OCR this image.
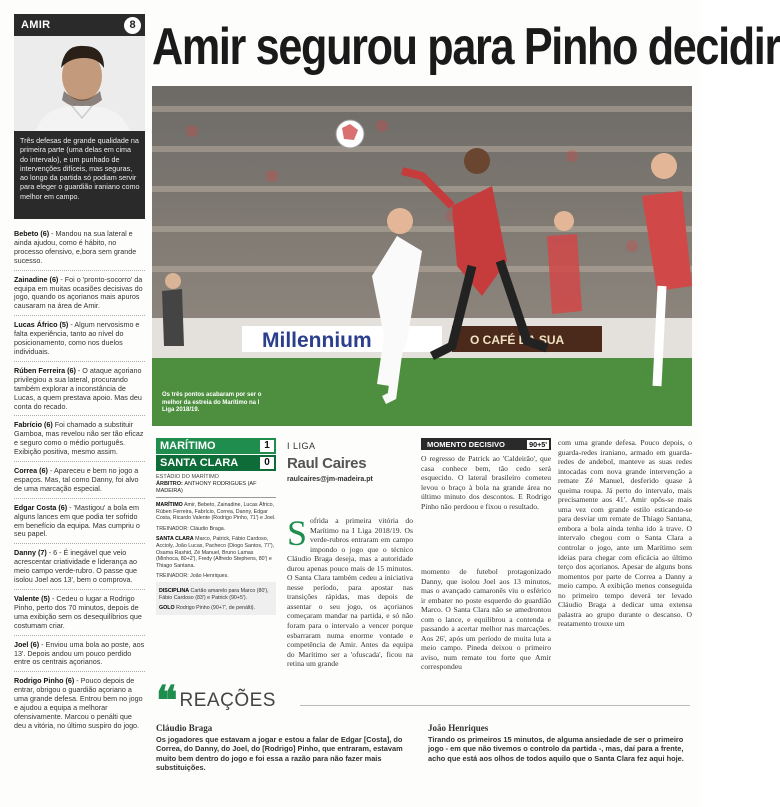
AMIR	8
Três defesas de grande qualidade na primeira parte (uma delas em cima do intervalo), e um punhado de intervenções difíceis, mas seguras, ao longo da partida só podiam servir para eleger o guardião iraniano como melhor em campo.

Bebeto (6) - Mandou na sua lateral e ainda ajudou, como é hábito, no processo ofensivo, e,bora sem grande sucesso.

Zainadine (6) - Foi o 'pronto-socorro' da equipa em muitas ocasiões decisivas do jogo, quando os açorianos mais apuros causaram na área de Amir.

Lucas Áfrico (5) - Algum nervosismo e falta experiência, tanto ao nível do posicionamento, como nos duelos individuais.

Rúben Ferreira (6) - O ataque açoriano privilegiou a sua lateral, procurando também explorar a inconstância de Lucas, a quem prestava apoio. Mas deu conta do recado.

Fabrício (6) Foi chamado a substituir Gamboa, mas revelou não ser tão eficaz e seguro como o médio português. Exibição positiva, mesmo assim.

Correa (6) - Apareceu e bem no jogo a espaços. Mas, tal como Danny, foi alvo de uma marcação especial.

Edgar Costa (6) - 'Mastigou' a bola em alguns lances em que podia ter sofrido em benefício da equipa. Mas cumpriu o seu papel.

Danny (7) - 6 - É inegável que veio acrescentar criatividade e liderança ao meio campo verde-rubro. O passe que isolou Joel aos 13', bem o comprova.

Valente (5) - Cedeu o lugar a Rodrigo Pinho, perto dos 70 minutos, depois de uma exibição sem os desequilíbrios que costumam criar.

Joel (6) - Enviou uma bola ao poste, aos 13'. Depois andou um pouco perdido entre os centrais açorianos.

Rodrigo Pinho (6) - Pouco depois de entrar, obrigou o guardião açoriano a uma grande defesa. Entrou bem no jogo e ajudou a equipa a melhorar ofensivamente. Marcou o penálti que deu a vitória, no último suspiro do jogo.

Amir segurou para Pinho decidir
Millennium	O CAFÉ DA SUA
Os três pontos acabaram por ser o melhor da estreia do Marítimo na I Liga 2018/19.
MARÍTIMO	1
SANTA CLARA	0
ESTÁDIO DO MARÍTIMO
ÁRBITRO: ANTHONY RODRIGUES (AF MADEIRA)

MARÍTIMO Amir, Bebeto, Zainadine, Lucas Áfrico, Rúben Ferreira, Fabrício, Correa, Danny, Edgar Costa, Ricardo Valente (Rodrigo Pinho, 71') e Joel.

TREINADOR: Cláudio Braga.

SANTA CLARA Marco, Patrick, Fábio Cardoso, Accioly, João Lucas, Pacheco (Diogo Santos, 77'), Osama Rashid, Zé Manuel, Bruno Lamas (Minhoca, 80+2'), Fredy (Alfredo Stephens, 80') e Thiago Santana.

TREINADOR: João Henriques.

DISCIPLINA Cartão amarelo para Marco (80'), Fábio Cardoso (83') e Patrick (90+5').

GOLO Rodrigo Pinho (90+7', de penálti).

I LIGA
Raul Caires
raulcaires@jm-madeira.pt
Sofrida a primeira vitória do Marítimo na I Liga 2018/19. Os verde-rubros entraram em campo impondo o jogo que o técnico Cláudio Braga deseja, mas a autoridade durou apenas pouco mais de 15 minutos. O Santa Clara também cedeu a iniciativa nesse período, para apostar nas transições rápidas, mas depois de assentar o seu jogo, os açorianos começaram mandar na partida, e só não foram para o intervalo a vencer porque esbarraram numa enorme vontade e competência de Amir. Antes da equipa do Marítimo ser a 'ofuscada', ficou na retina um grande
MOMENTO DECISIVO	90+5'

O regresso de Patrick ao 'Caldeirão', que casa conhece bem, tão cedo será esquecido. O lateral brasileiro cometeu levou o braço à bola na grande área no último minuto dos descontos. E Rodrigo Pinho não perdoou e fixou o resultado.

momento de futebol protagonizado Danny, que isolou Joel aos 13 minutos, mas o avançado camaronês viu o esférico ir embater no poste esquerdo do guardião Marco. O Santa Clara não se amedrontou com o lance, e equilibrou a contenda e passando a acertar melhor nas marcações. Aos 26', após um período de muita luta a meio campo. Pineda deixou o primeiro aviso, num remate tou forte que Amir correspondeu
com uma grande defesa. Pouco depois, o guarda-redes iraniano, armado em guarda-redes de andebol, manteve as suas redes intocadas com nova grande intervenção a remate Zé Manuel, desferido quase à queima roupa. Já perto do intervalo, mais precisamente aos 41'. Amir opôs-se mais uma vez com grande estilo esticando-se para desviar um remate de Thiago Santana, embora a bola ainda tenha ido à trave. O intervalo chegou com o Santa Clara a controlar o jogo, ante um Marítimo sem ideias para chegar com eficácia ao último terço dos açorianos. Apesar de alguns bons momentos por parte de Correa a Danny a meio campo. A exibição menos conseguida no primeiro tempo deverá ter levado Cláudio Braga a dedicar uma extensa palastra ao grupo durante o descanso. O reatamento trouxe um
❝ REAÇÕES
Cláudio Braga
Os jogadores que estavam a jogar e estou a falar de Edgar [Costa], do Correa, do Danny, do Joel, do [Rodrigo] Pinho, que entraram, estavam muito bem dentro do jogo e foi essa a razão para não fazer mais substituições.
João Henriques
Tirando os primeiros 15 minutos, de alguma ansiedade de ser o primeiro jogo - em que não tivemos o controlo da partida -, mas, daí para a frente, acho que está aos olhos de todos aquilo que o Santa Clara fez aqui hoje.
